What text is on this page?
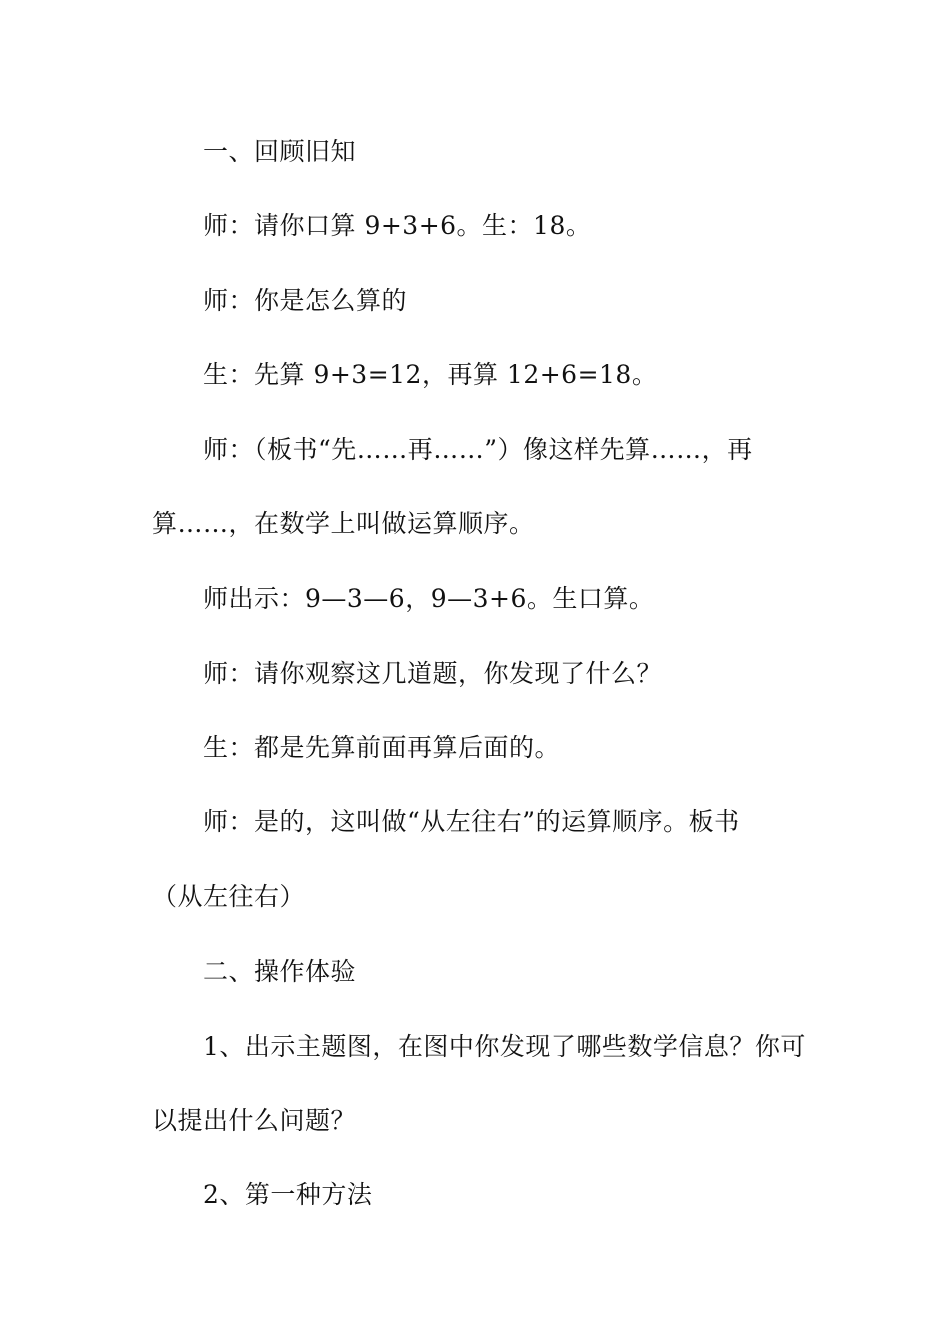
一、回顾旧知
师：请你口算 9+3+6。生：18。
师：你是怎么算的
生：先算 9+3=12，再算 12+6=18。
师：（板书“先……再……”）像这样先算……，再
算……，在数学上叫做运算顺序。
师出示：9—3—6，9—3+6。生口算。
师：请你观察这几道题，你发现了什么？
生：都是先算前面再算后面的。
师：是的，这叫做“从左往右”的运算顺序。板书
（从左往右）
二、操作体验
1、出示主题图，在图中你发现了哪些数学信息？你可
以提出什么问题？
2、第一种方法
